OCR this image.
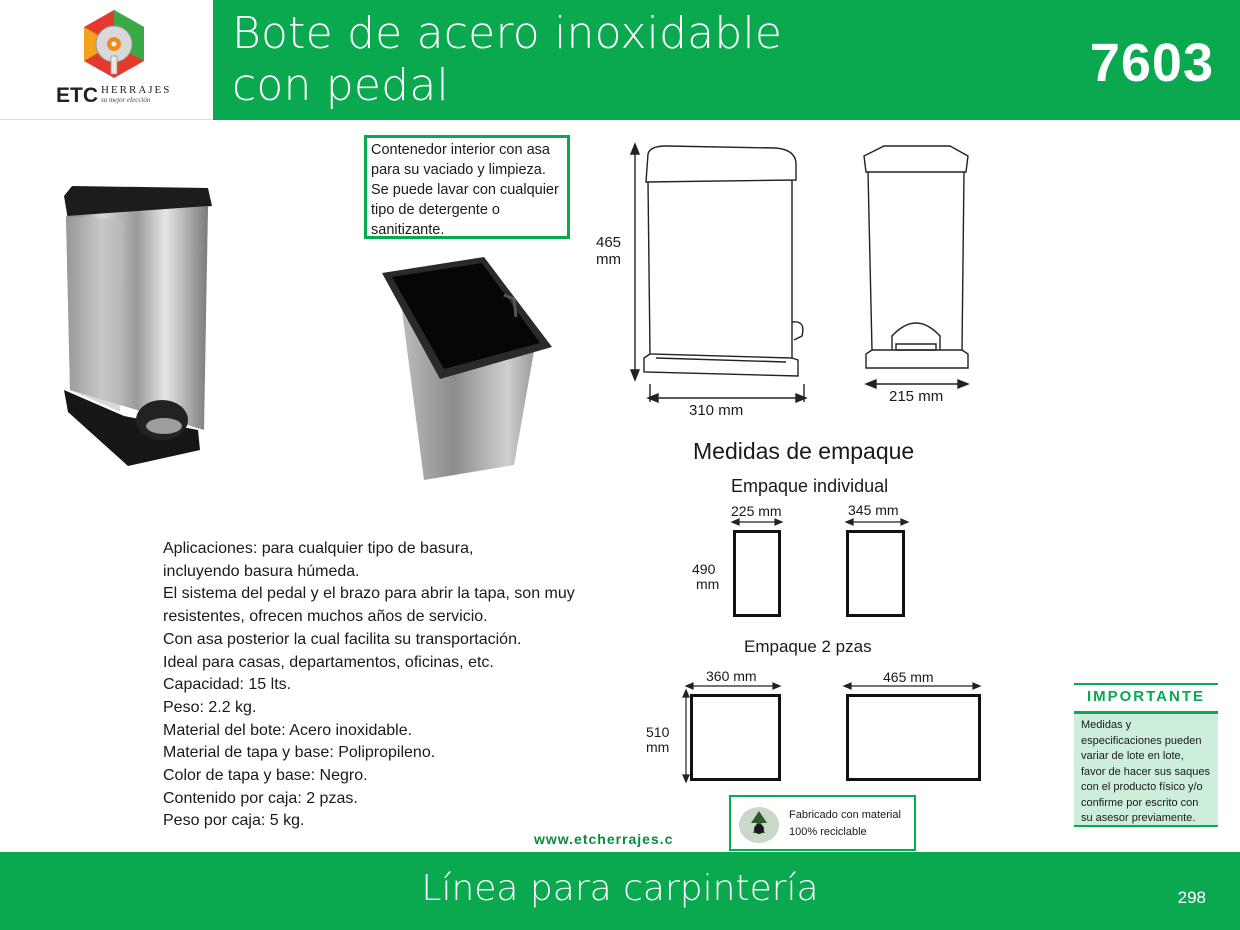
ETC HERRAJES
su mejor elección
Bote de acero inoxidable
con pedal	7603
Contenedor interior con asa
para su vaciado y limpieza.
Se puede lavar con cualquier
tipo de detergente o
sanitizante.
465
mm
310 mm
215 mm
Medidas de empaque
Empaque individual
225 mm	345 mm
490
mm
Empaque 2 pzas
360 mm	465 mm
510
mm
Aplicaciones: para cualquier tipo de basura,
incluyendo basura húmeda.
El sistema del pedal y el brazo para abrir la tapa, son muy
resistentes, ofrecen muchos años de servicio.
Con asa posterior la cual facilita su transportación.
Ideal para casas, departamentos, oficinas, etc.
Capacidad: 15 lts.
Peso: 2.2 kg.
Material del bote: Acero inoxidable.
Material de tapa y base: Polipropileno.
Color de tapa y base: Negro.
Contenido por caja: 2 pzas.
Peso por caja: 5 kg.
www.etcherrajes.c
Fabricado con material
100% reciclable
IMPORTANTE
Medidas y especificaciones pueden variar de lote en lote, favor de hacer sus saques con el producto físico y/o confirme por escrito con su asesor previamente.
Línea para carpintería	298
